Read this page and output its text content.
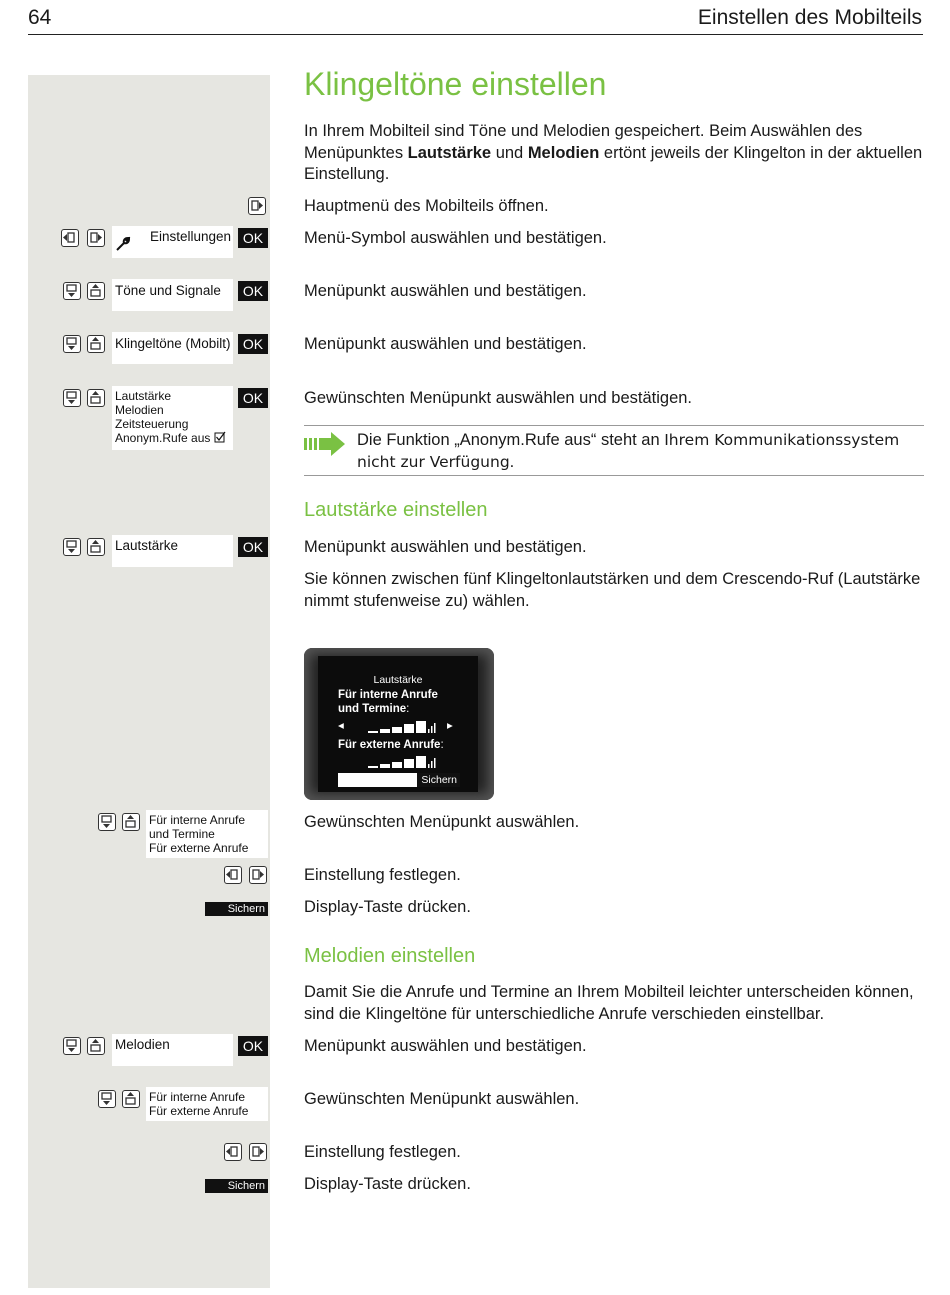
64	Einstellen des Mobilteils
Klingeltöne einstellen
In Ihrem Mobilteil sind Töne und Melodien gespeichert. Beim Auswählen des Menüpunktes Lautstärke und Melodien ertönt jeweils der Klingelton in der aktuellen Einstellung.
Hauptmenü des Mobilteils öffnen.
Einstellungen OK Menü-Symbol auswählen und bestätigen.
Töne und Signale	OK Menüpunkt auswählen und bestätigen.
Klingeltöne (Mobilt) OK Menüpunkt auswählen und bestätigen.
Lautstärke
Melodien
Zeitsteuerung
Anonym.Rufe aus
OK Gewünschten Menüpunkt auswählen und bestätigen.
Die Funktion „Anonym.Rufe aus“ steht an Ihrem Kommunikationssystem nicht zur Verfügung.
Lautstärke einstellen
Lautstärke	OK Menüpunkt auswählen und bestätigen.
Sie können zwischen fünf Klingeltonlautstärken und dem Crescendo-Ruf (Lautstärke nimmt stufenweise zu) wählen.
Lautstärke
Für interne Anrufe
und Termine:
◂	▸
Für externe Anrufe:
Sichern
Für interne Anrufe
und Termine
Für externe Anrufe
Gewünschten Menüpunkt auswählen.
Einstellung festlegen.
Sichern Display-Taste drücken.
Melodien einstellen
Damit Sie die Anrufe und Termine an Ihrem Mobilteil leichter unterscheiden können, sind die Klingeltöne für unterschiedliche Anrufe verschieden einstellbar.
Melodien	OK Menüpunkt auswählen und bestätigen.
Für interne Anrufe
Für externe Anrufe
Gewünschten Menüpunkt auswählen.
Einstellung festlegen.
Sichern Display-Taste drücken.
